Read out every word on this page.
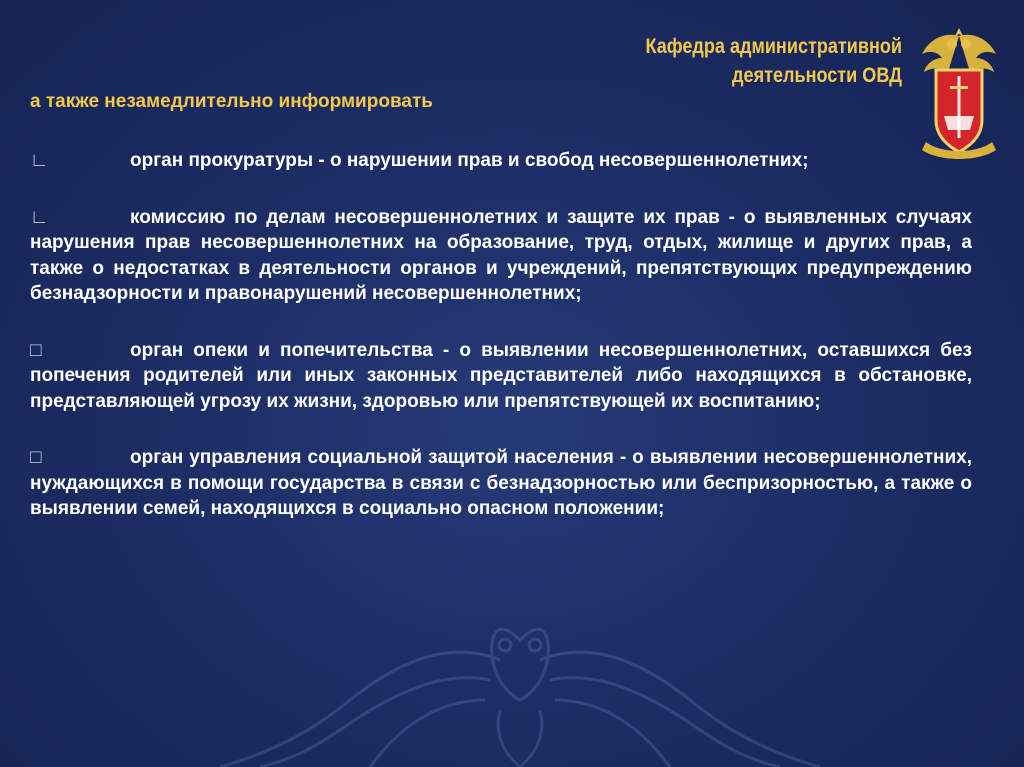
Кафедра административной
деятельности ОВД
а также незамедлительно информировать

∟	орган прокуратуры - о нарушении прав и свобод несовершеннолетних;

∟	комиссию по делам несовершеннолетних и защите их прав - о выявленных случаях нарушения прав несовершеннолетних на образование, труд, отдых, жилище и других прав, а также о недостатках в деятельности органов и учреждений, препятствующих предупреждению безнадзорности и правонарушений несовершеннолетних;

□	орган опеки и попечительства - о выявлении несовершеннолетних, оставшихся без попечения родителей или иных законных представителей либо находящихся в обстановке, представляющей угрозу их жизни, здоровью или препятствующей их воспитанию;

□	орган управления социальной защитой населения - о выявлении несовершеннолетних, нуждающихся в помощи государства в связи с безнадзорностью или беспризорностью, а также о выявлении семей, находящихся в социально опасном положении;
